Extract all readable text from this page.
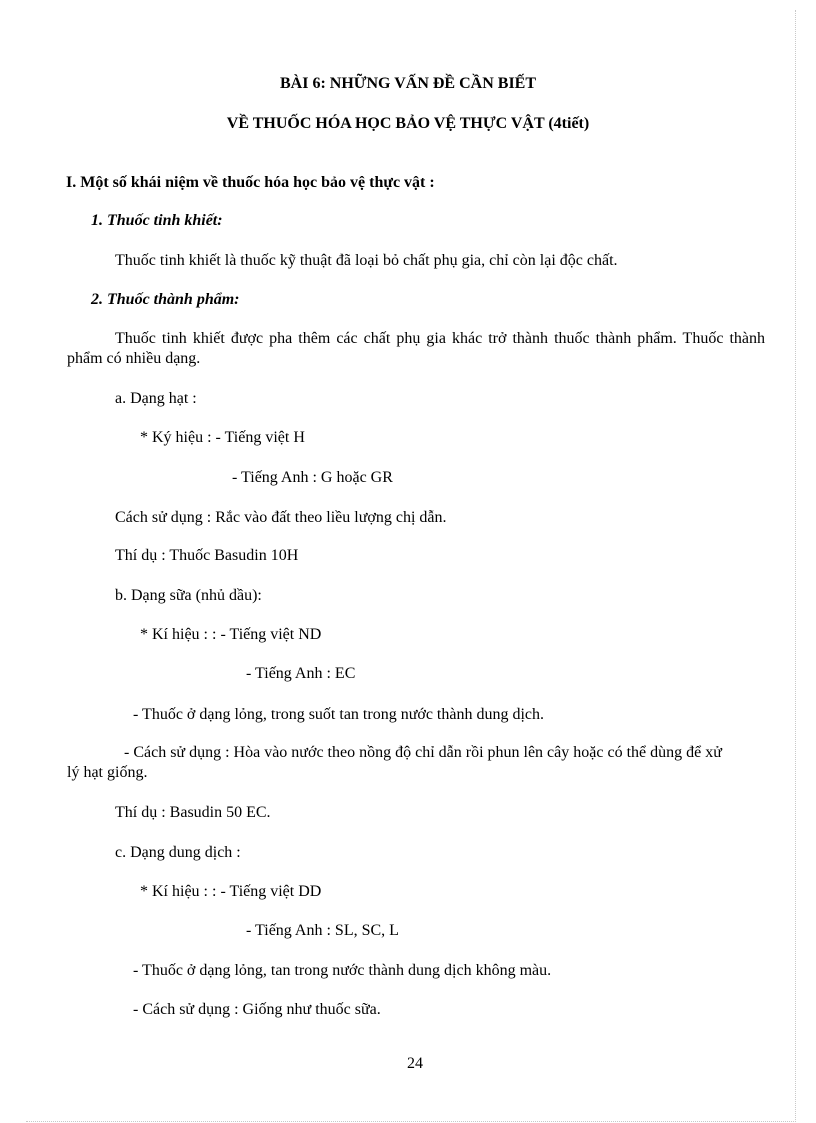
BÀI 6: NHỮNG VẤN ĐỀ CẦN BIẾT
VỀ THUỐC HÓA HỌC BẢO VỆ THỰC VẬT (4tiết)
I. Một số khái niệm về thuốc hóa học bảo vệ thực vật :
1. Thuốc tinh khiết:
Thuốc tinh khiết là thuốc kỹ thuật đã loại bỏ chất phụ gia, chỉ còn lại độc chất.
2. Thuốc thành phẩm:
Thuốc tinh khiết được pha thêm các chất phụ gia khác trở thành thuốc thành phẩm. Thuốc thành phẩm có nhiều dạng.
a. Dạng hạt :
* Ký hiệu : - Tiếng việt H
- Tiếng Anh : G hoặc GR
Cách sử dụng : Rắc vào đất theo liều lượng chị dẫn.
Thí dụ : Thuốc Basudin 10H
b. Dạng sữa (nhủ dầu):
* Kí hiệu : : - Tiếng việt ND
- Tiếng Anh : EC
- Thuốc ở dạng lỏng, trong suốt tan trong nước thành dung dịch.
- Cách sử dụng : Hòa vào nước theo nồng độ chỉ dẫn rồi phun lên cây hoặc có thể dùng để xử lý hạt giống.
Thí dụ : Basudin 50 EC.
c. Dạng dung dịch :
* Kí hiệu : : - Tiếng việt DD
- Tiếng Anh : SL, SC, L
- Thuốc ở dạng lỏng, tan trong nước thành dung dịch không màu.
- Cách sử dụng : Giống như thuốc sữa.
24
